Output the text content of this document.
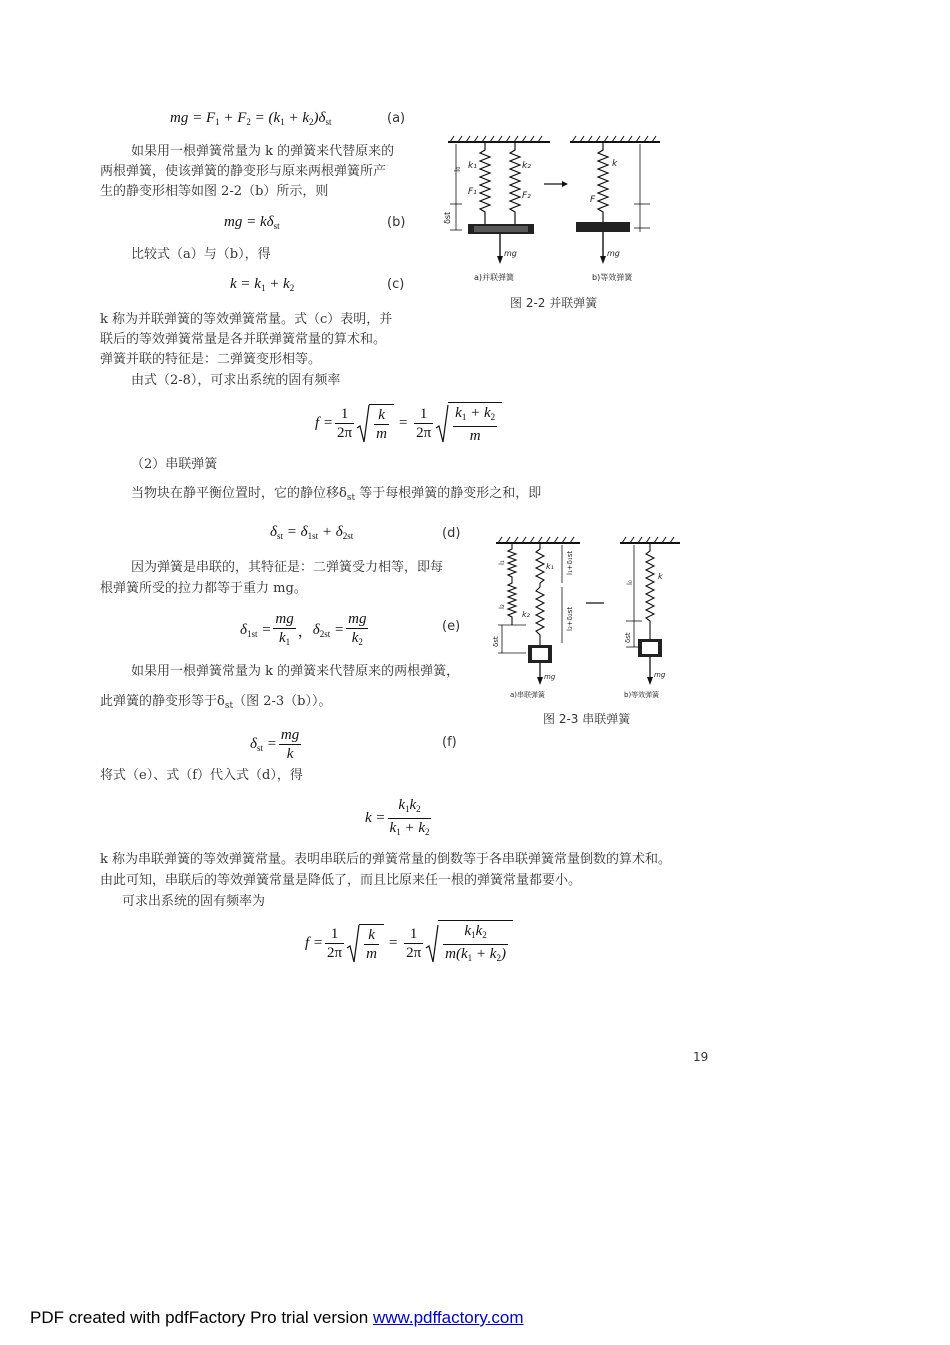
mg = $F_1 + F_2 = (k_1 + k_2)\delta_{st}$	(a)
如果用一根弹簧常量为 k 的弹簧来代替原来的
两根弹簧，使该弹簧的静变形与原来两根弹簧所产
生的静变形相等如图 2-2（b）所示，则
mg = $k\delta_{st}$	(b)
比较式（a）与（b），得
$k = k_1 + k_2$	(c)
k 称为并联弹簧的等效弹簧常量。式（c）表明，并
联后的等效弹簧常量是各并联弹簧常量的算术和。
弹簧并联的特征是：二弹簧变形相等。
由式（2-8），可求出系统的固有频率
$f = \frac{1}{2\pi} \frac{k}{m} = \frac{1}{2\pi} \frac{k_1 + k_2}{m}$
（2）串联弹簧
当物块在静平衡位置时，它的静位移$\delta_{st}$ 等于每根弹簧的静变形之和，即
$\delta_{st} = \delta_{1st} + \delta_{2st}$	(d)
因为弹簧是串联的，其特征是：二弹簧受力相等，即每
根弹簧所受的拉力都等于重力 mg。
$\delta_{1st} = \frac{mg}{k_1}$ ， $\delta_{2st} = \frac{mg}{k_2}$	(e)
如果用一根弹簧常量为 k 的弹簧来代替原来的两根弹簧，
此弹簧的静变形等于$\delta_{st}$（图 2-3（b））。
$\delta_{st} = \frac{mg}{k}$	(f)
将式（e）、式（f）代入式（d），得
$k = \frac{k_1k_2}{k_1 + k_2}$
k 称为串联弹簧的等效弹簧常量。表明串联后的弹簧常量的倒数等于各串联弹簧常量倒数的算术和。
由此可知，串联后的等效弹簧常量是降低了，而且比原来任一根的弹簧常量都要小。
可求出系统的固有频率为
$f = \frac{1}{2\pi} \frac{k}{m} = \frac{1}{2\pi} \frac{k_1k_2}{m(k_1 + k_2)}$
l₀
δst
k₁	k₂
F₁	F₂
mg
a)并联弹簧
k
F
mg
b)等效弹簧
图 2-2 并联弹簧
k₁
k₂
l₁
l₂
δst
l₁+δ₁st
l₂+δ₂st
mg
a)串联弹簧
k
l₀
δst
mg
b)等效弹簧
图 2-3 串联弹簧
19
PDF created with pdfFactory Pro trial version www.pdffactory.com
